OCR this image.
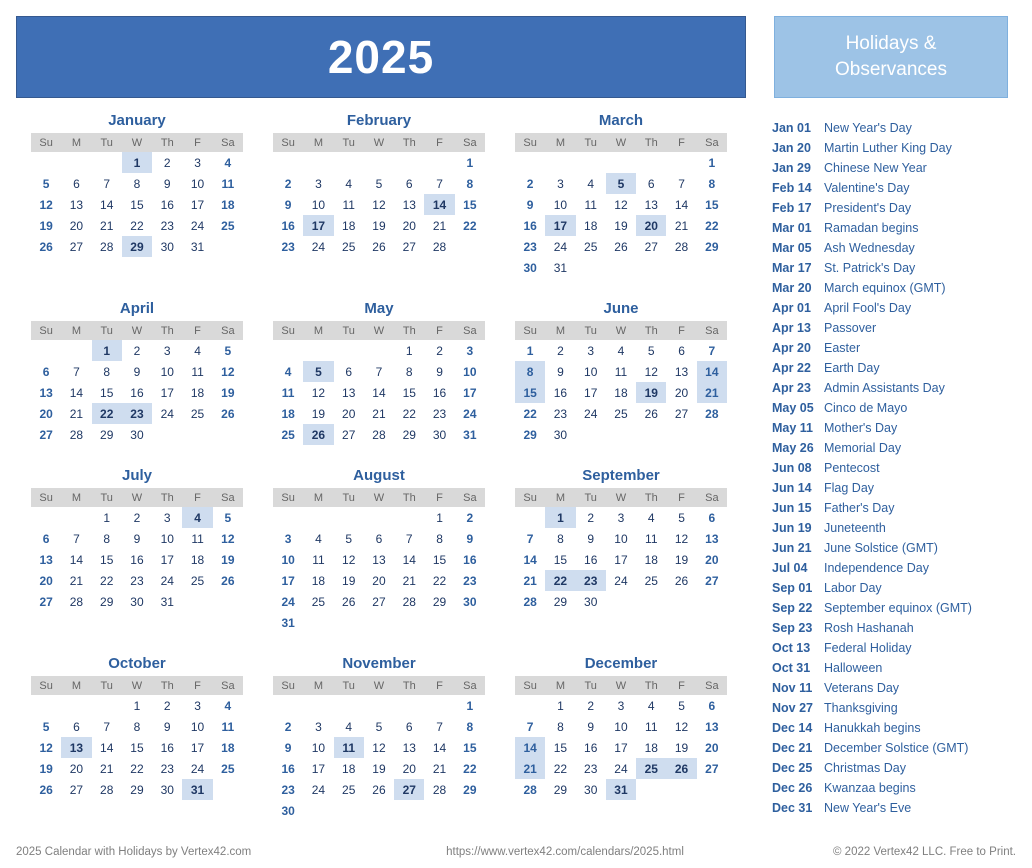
2025	Holidays &
Observances
January
Su	M	Tu	W	Th	F	Sa
			1	2	3	4
5	6	7	8	9	10	11
12	13	14	15	16	17	18
19	20	21	22	23	24	25
26	27	28	29	30	31	
February
Su	M	Tu	W	Th	F	Sa
						1
2	3	4	5	6	7	8
9	10	11	12	13	14	15
16	17	18	19	20	21	22
23	24	25	26	27	28	
March
Su	M	Tu	W	Th	F	Sa
						1
2	3	4	5	6	7	8
9	10	11	12	13	14	15
16	17	18	19	20	21	22
23	24	25	26	27	28	29
30	31					
April
Su	M	Tu	W	Th	F	Sa
		1	2	3	4	5
6	7	8	9	10	11	12
13	14	15	16	17	18	19
20	21	22	23	24	25	26
27	28	29	30			
May
Su	M	Tu	W	Th	F	Sa
				1	2	3
4	5	6	7	8	9	10
11	12	13	14	15	16	17
18	19	20	21	22	23	24
25	26	27	28	29	30	31
June
Su	M	Tu	W	Th	F	Sa
1	2	3	4	5	6	7
8	9	10	11	12	13	14
15	16	17	18	19	20	21
22	23	24	25	26	27	28
29	30					
July
Su	M	Tu	W	Th	F	Sa
		1	2	3	4	5
6	7	8	9	10	11	12
13	14	15	16	17	18	19
20	21	22	23	24	25	26
27	28	29	30	31		
August
Su	M	Tu	W	Th	F	Sa
					1	2
3	4	5	6	7	8	9
10	11	12	13	14	15	16
17	18	19	20	21	22	23
24	25	26	27	28	29	30
31						
September
Su	M	Tu	W	Th	F	Sa
	1	2	3	4	5	6
7	8	9	10	11	12	13
14	15	16	17	18	19	20
21	22	23	24	25	26	27
28	29	30				
October
Su	M	Tu	W	Th	F	Sa
			1	2	3	4
5	6	7	8	9	10	11
12	13	14	15	16	17	18
19	20	21	22	23	24	25
26	27	28	29	30	31	
November
Su	M	Tu	W	Th	F	Sa
						1
2	3	4	5	6	7	8
9	10	11	12	13	14	15
16	17	18	19	20	21	22
23	24	25	26	27	28	29
30						
December
Su	M	Tu	W	Th	F	Sa
	1	2	3	4	5	6
7	8	9	10	11	12	13
14	15	16	17	18	19	20
21	22	23	24	25	26	27
28	29	30	31			
Jan 01	New Year's Day
Jan 20	Martin Luther King Day
Jan 29	Chinese New Year
Feb 14 Valentine's Day
Feb 17 President's Day
Mar 01 Ramadan begins
Mar 05 Ash Wednesday
Mar 17 St. Patrick's Day
Mar 20 March equinox (GMT)
Apr 01	April Fool's Day
Apr 13	Passover
Apr 20	Easter
Apr 22	Earth Day
Apr 23	Admin Assistants Day
May 05 Cinco de Mayo
May 11 Mother's Day
May 26 Memorial Day
Jun 08 Pentecost
Jun 14 Flag Day
Jun 15 Father's Day
Jun 19 Juneteenth
Jun 21 June Solstice (GMT)
Jul 04	Independence Day
Sep 01 Labor Day
Sep 22 September equinox (GMT)
Sep 23 Rosh Hashanah
Oct 13	Federal Holiday
Oct 31	Halloween
Nov 11 Veterans Day
Nov 27 Thanksgiving
Dec 14 Hanukkah begins
Dec 21 December Solstice (GMT)
Dec 25 Christmas Day
Dec 26 Kwanzaa begins
Dec 31 New Year's Eve
2025 Calendar with Holidays by Vertex42.com	https://www.vertex42.com/calendars/2025.html	© 2022 Vertex42 LLC. Free to Print.
